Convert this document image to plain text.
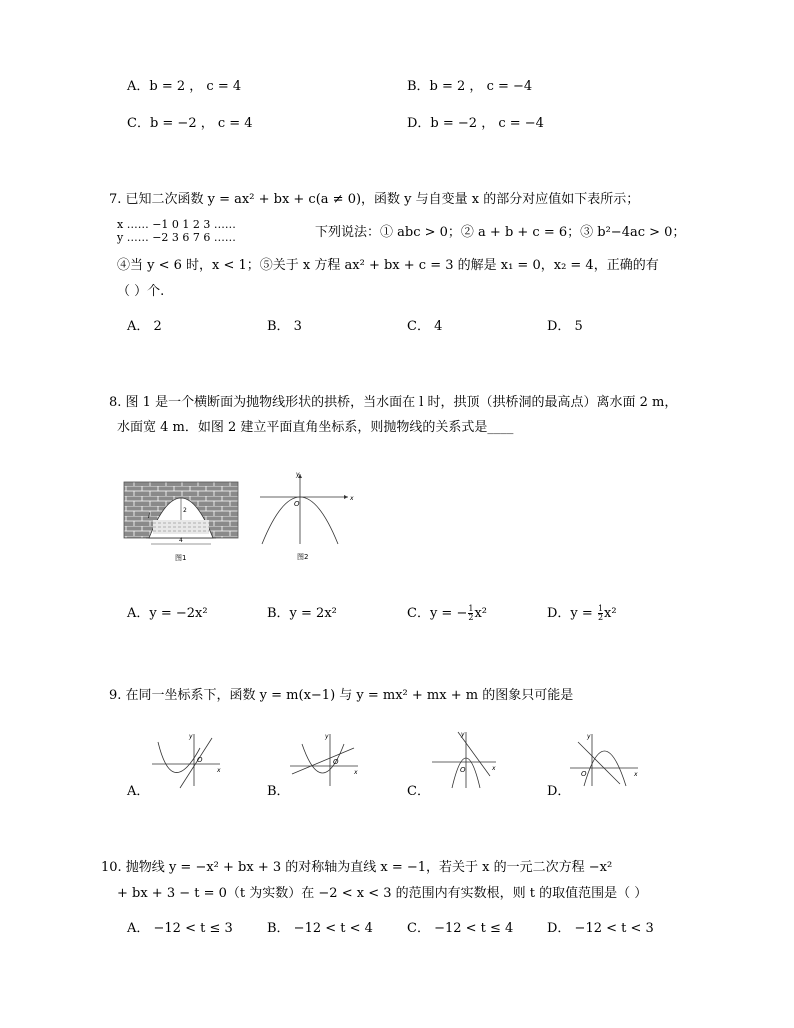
A．b = 2 ， c = 4	B．b = 2 ， c = −4
C．b = −2 ， c = 4	D．b = −2 ， c = −4
7. 已知二次函数 y = ax² + bx + c(a ≠ 0)，函数 y 与自变量 x 的部分对应值如下表所示；
x …… −1 0 1 2 3 ……
y …… −2 3 6 7 6 ……	下列说法：① abc > 0；② a + b + c = 6；③ b²−4ac > 0；
④当 y < 6 时，x < 1；⑤关于 x 方程 ax² + bx + c = 3 的解是 x₁ = 0，x₂ = 4，正确的有
（ ）个.
A． 2	B． 3	C． 4	D． 5
8. 图 1 是一个横断面为抛物线形状的拱桥，当水面在 l 时，拱顶（拱桥洞的最高点）离水面 2 m，
水面宽 4 m．如图 2 建立平面直角坐标系，则抛物线的关系式是____
l
2
4
图1
x
y
O
图2
A．y = −2x²	B．y = 2x²	C．y = − $\frac{1}{2} x^2$	D．$y = \frac{1}{2} x^2$
9. 在同一坐标系下，函数 y = m(x−1) 与 y = mx² + mx + m 的图象只可能是
x
y
O
A．
x
y
O
B．
x
y
O
C．
x
y
O
D．
10. 抛物线 y = −x² + bx + 3 的对称轴为直线 x = −1，若关于 x 的一元二次方程 −x²
+ bx + 3 − t = 0（t 为实数）在 −2 < x < 3 的范围内有实数根，则 t 的取值范围是（ ）
A． −12 < t ≤ 3	B． −12 < t < 4	C． −12 < t ≤ 4	D． −12 < t < 3
